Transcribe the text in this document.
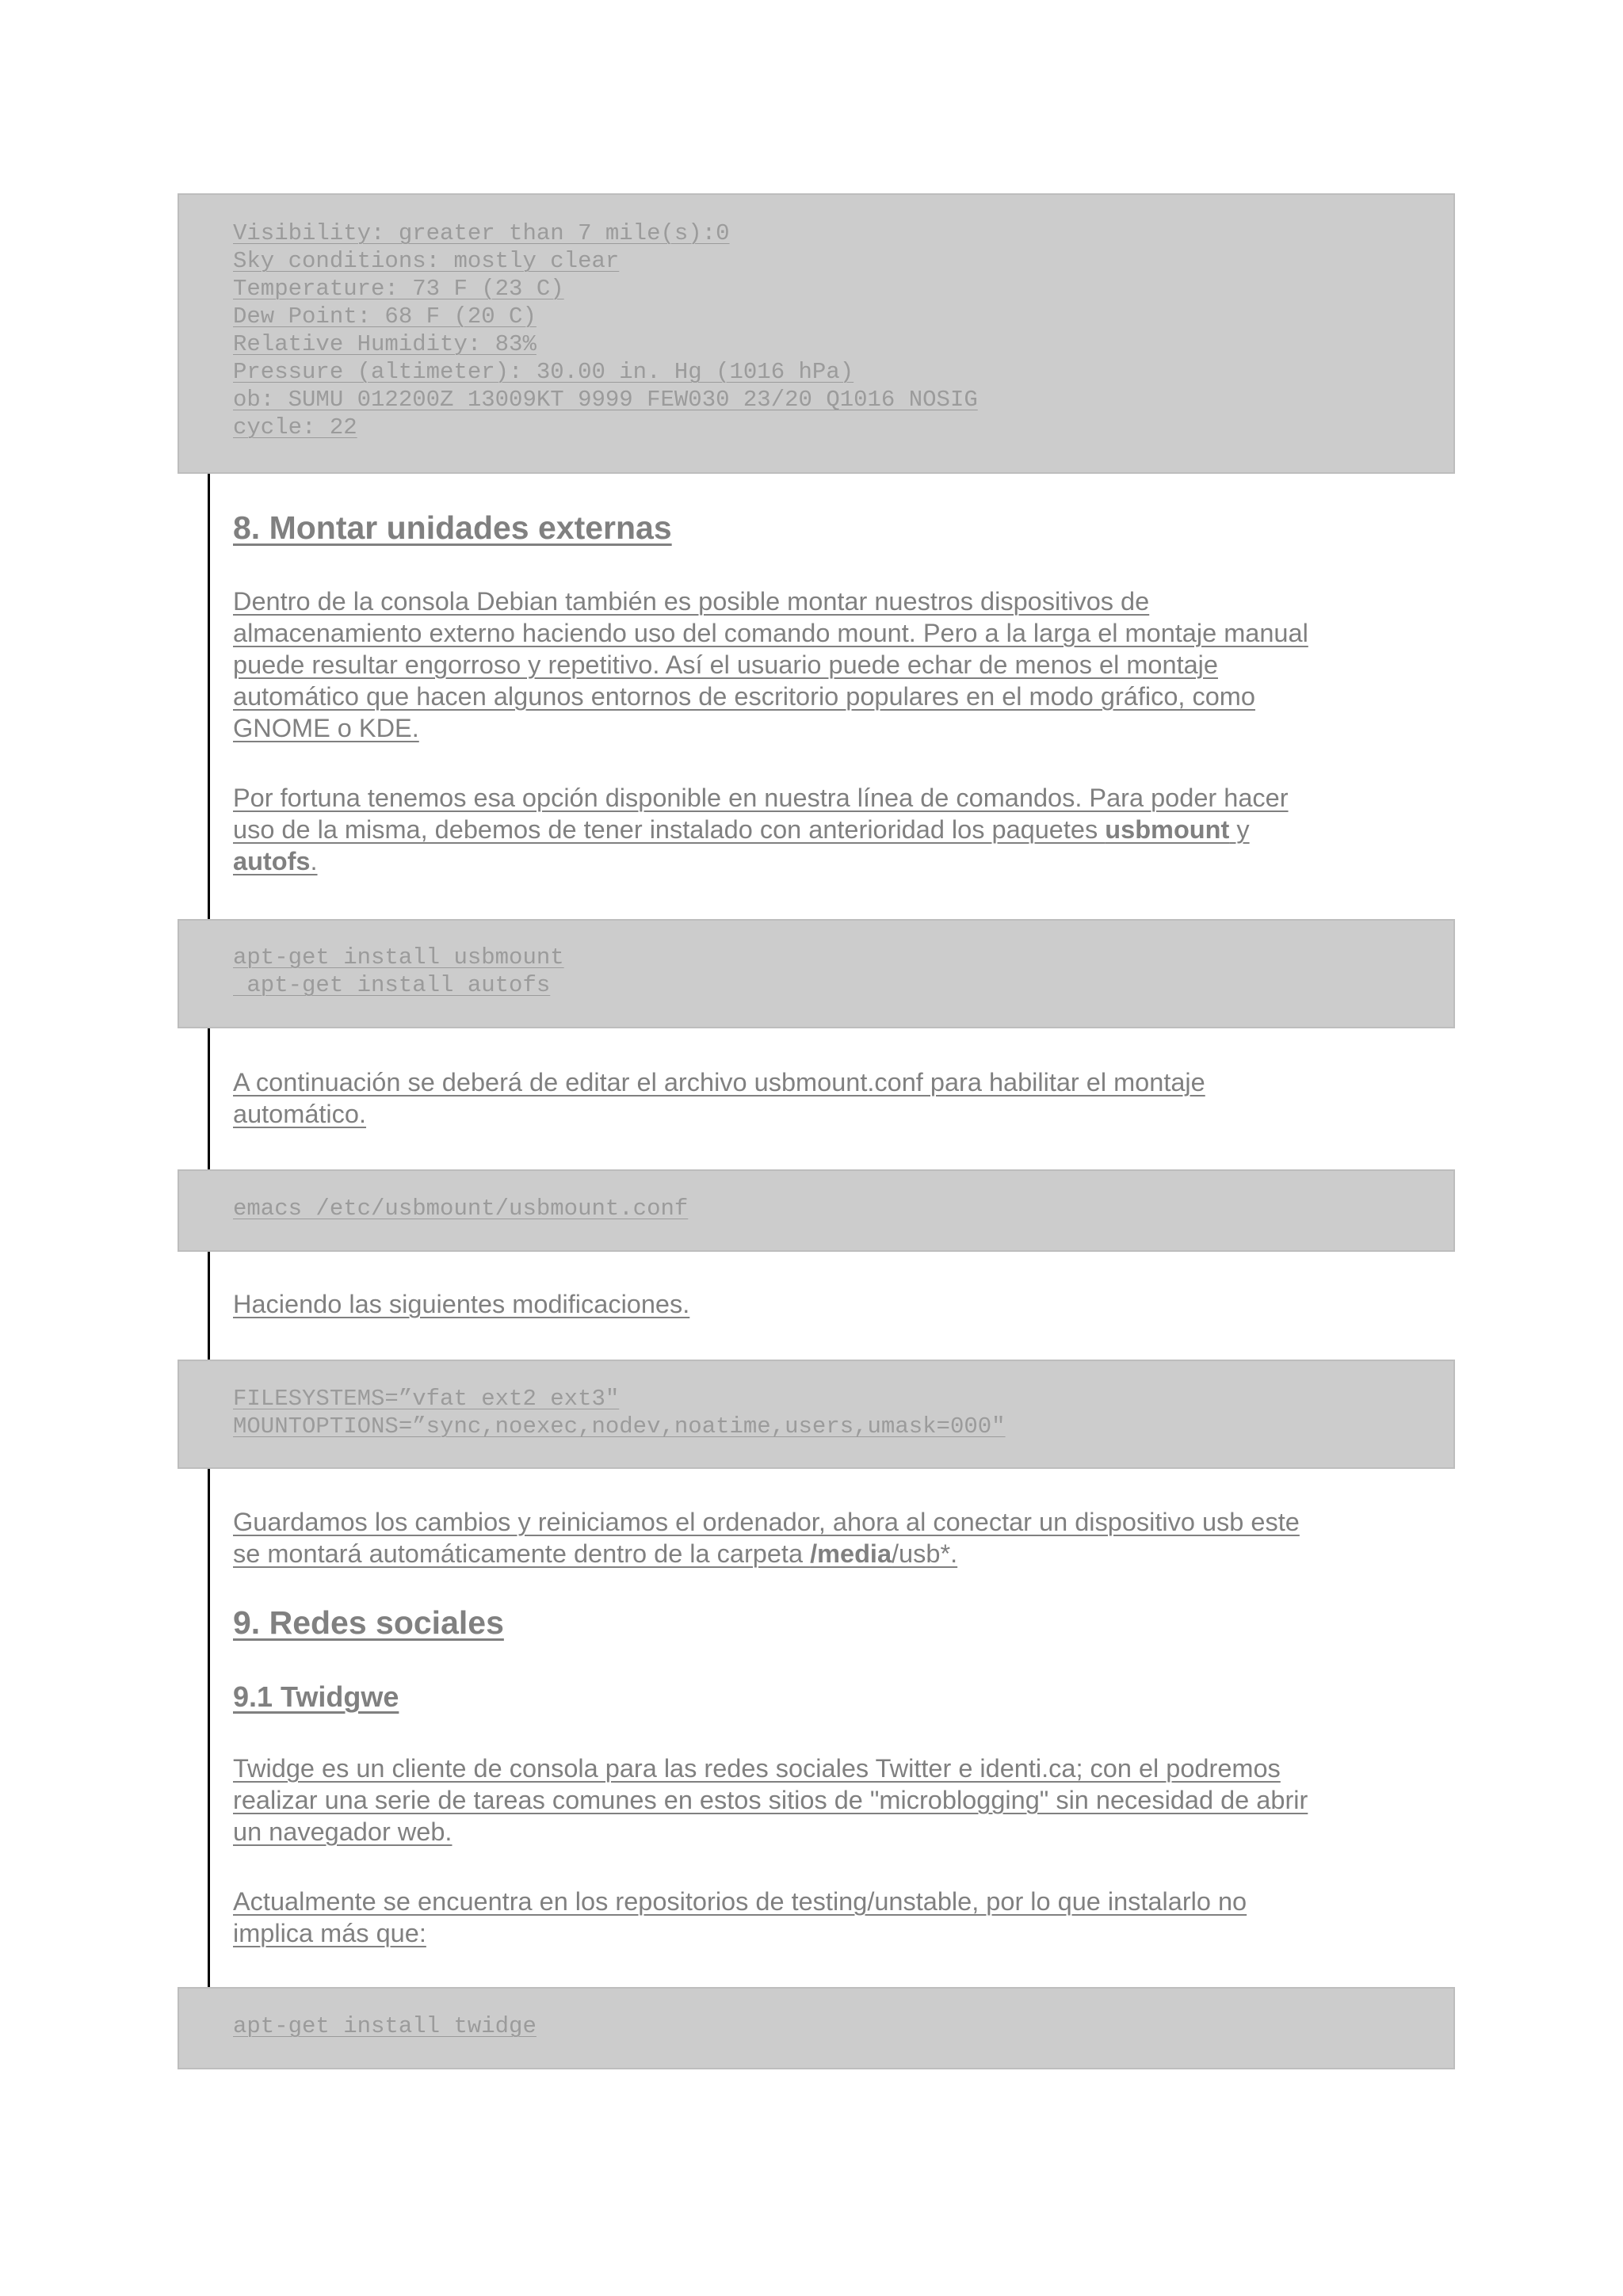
Visibility: greater than 7 mile(s):0
Sky conditions: mostly clear
Temperature: 73 F (23 C)
Dew Point: 68 F (20 C)
Relative Humidity: 83%
Pressure (altimeter): 30.00 in. Hg (1016 hPa)
ob: SUMU 012200Z 13009KT 9999 FEW030 23/20 Q1016 NOSIG
cycle: 22
8. Montar unidades externas
Dentro de la consola Debian también es posible montar nuestros dispositivos de
almacenamiento externo haciendo uso del comando mount. Pero a la larga el montaje manual
puede resultar engorroso y repetitivo. Así el usuario puede echar de menos el montaje
automático que hacen algunos entornos de escritorio populares en el modo gráfico, como
GNOME o KDE.
Por fortuna tenemos esa opción disponible en nuestra línea de comandos. Para poder hacer
uso de la misma, debemos de tener instalado con anterioridad los paquetes usbmount y
autofs.
apt-get install usbmount
apt-get install autofs
A continuación se deberá de editar el archivo usbmount.conf para habilitar el montaje
automático.
emacs /etc/usbmount/usbmount.conf
Haciendo las siguientes modificaciones.
FILESYSTEMS=”vfat ext2 ext3″
MOUNTOPTIONS=”sync,noexec,nodev,noatime,users,umask=000″
Guardamos los cambios y reiniciamos el ordenador, ahora al conectar un dispositivo usb este
se montará automáticamente dentro de la carpeta /media/usb*.
9. Redes sociales
9.1 Twidgwe
Twidge es un cliente de consola para las redes sociales Twitter e identi.ca; con el podremos
realizar una serie de tareas comunes en estos sitios de "microblogging" sin necesidad de abrir
un navegador web.
Actualmente se encuentra en los repositorios de testing/unstable, por lo que instalarlo no
implica más que:
apt-get install twidge
